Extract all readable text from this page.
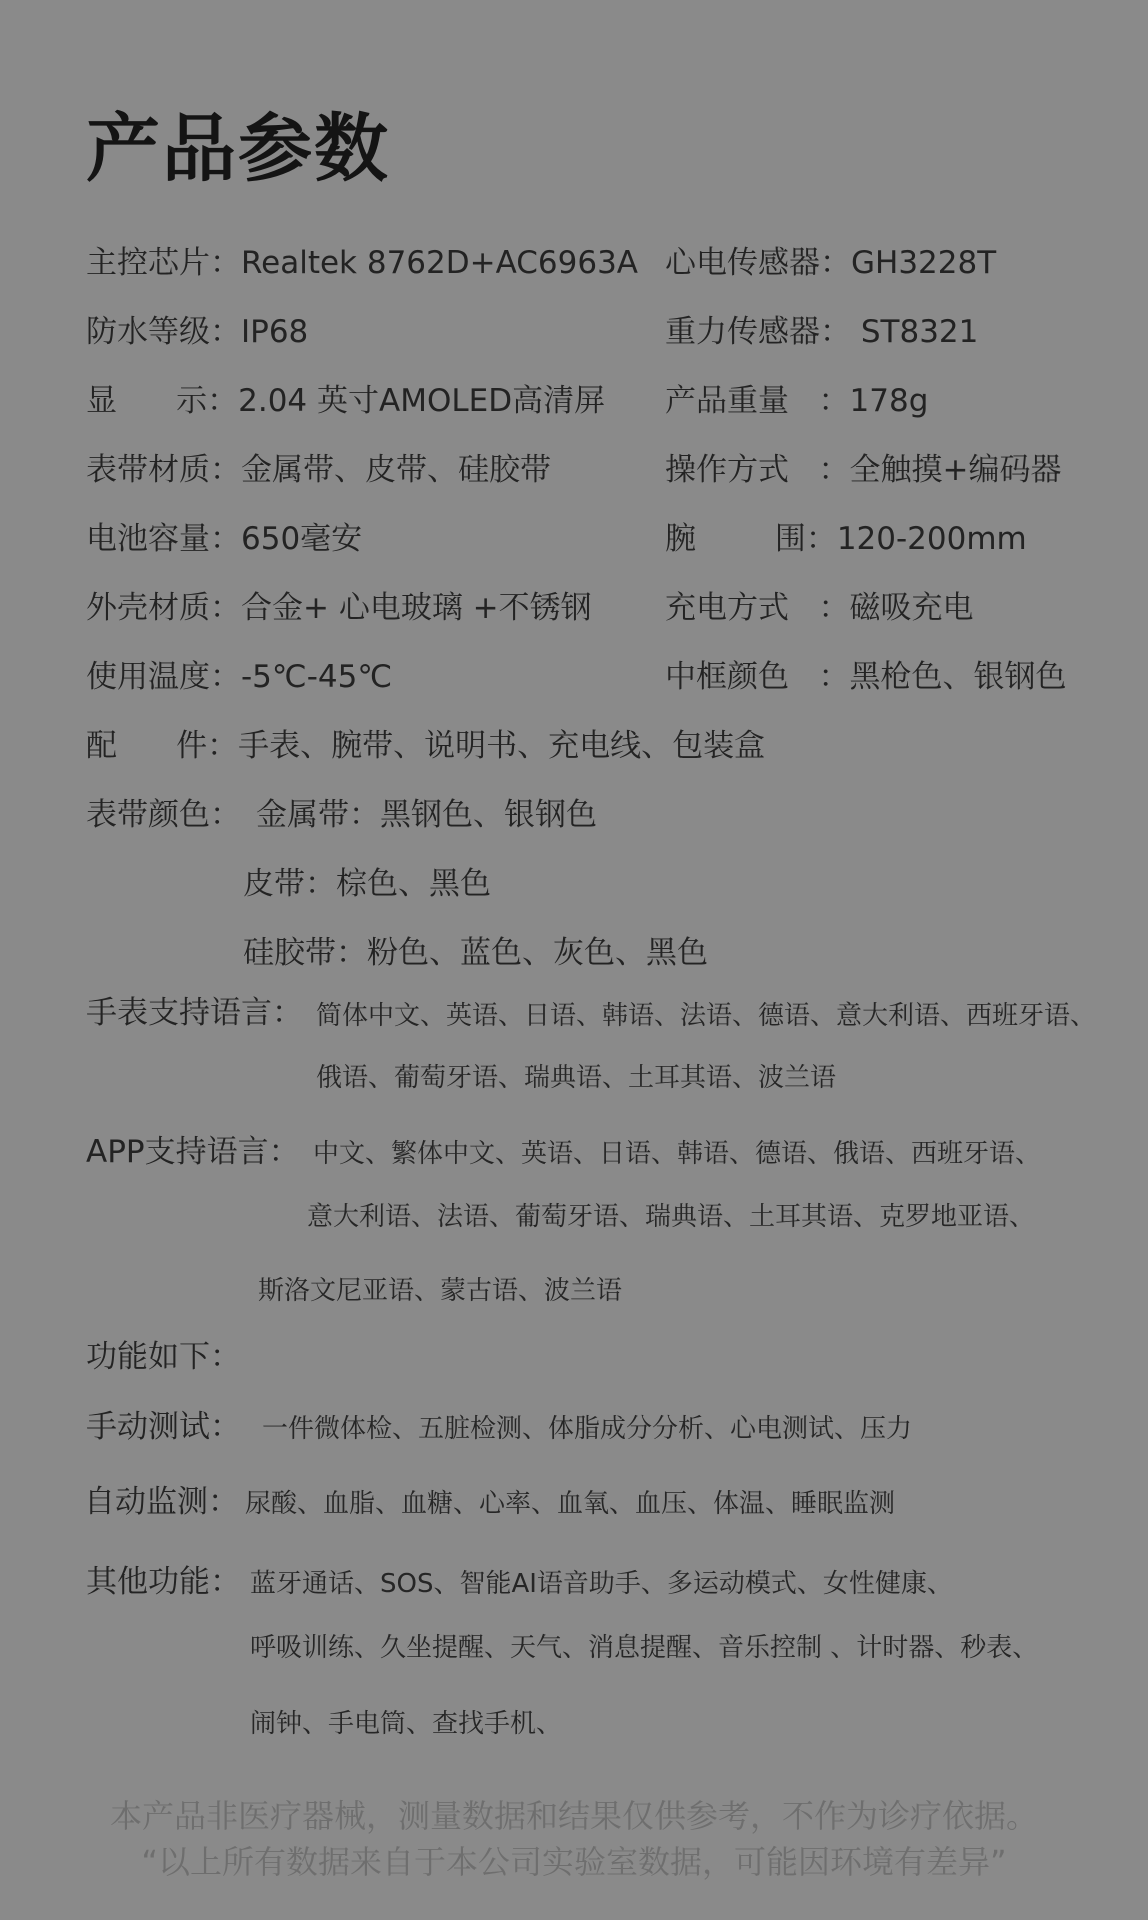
产品参数
主控芯片：Realtek 8762D+AC6963A
防水等级：IP68
显      示：2.04 英寸AMOLED高清屏
表带材质：金属带、皮带、硅胶带
电池容量：650毫安
外壳材质：合金+ 心电玻璃 +不锈钢
使用温度：-5℃-45℃
心电传感器：GH3228T
重力传感器： ST8321
产品重量   ：178g
操作方式   ：全触摸+编码器
腕        围：120-200mm
充电方式   ：磁吸充电
中框颜色   ：黑枪色、银钢色
配      件：手表、腕带、说明书、充电线、包装盒
表带颜色： 金属带：黑钢色、银钢色
皮带：棕色、黑色
硅胶带：粉色、蓝色、灰色、黑色
手表支持语言： 简体中文、英语、日语、韩语、法语、德语、意大利语、西班牙语、
俄语、葡萄牙语、瑞典语、土耳其语、波兰语
APP支持语言： 中文、繁体中文、英语、日语、韩语、德语、俄语、西班牙语、
意大利语、法语、葡萄牙语、瑞典语、土耳其语、克罗地亚语、
斯洛文尼亚语、蒙古语、波兰语
功能如下：
手动测试： 一件微体检、五脏检测、体脂成分分析、心电测试、压力
自动监测： 尿酸、血脂、血糖、心率、血氧、血压、体温、睡眠监测
其他功能： 蓝牙通话、SOS、智能AI语音助手、多运动模式、女性健康、
呼吸训练、久坐提醒、天气、消息提醒、音乐控制 、计时器、秒表、
闹钟、手电筒、查找手机、
本产品非医疗器械，测量数据和结果仅供参考，不作为诊疗依据。
“以上所有数据来自于本公司实验室数据，可能因环境有差异”
